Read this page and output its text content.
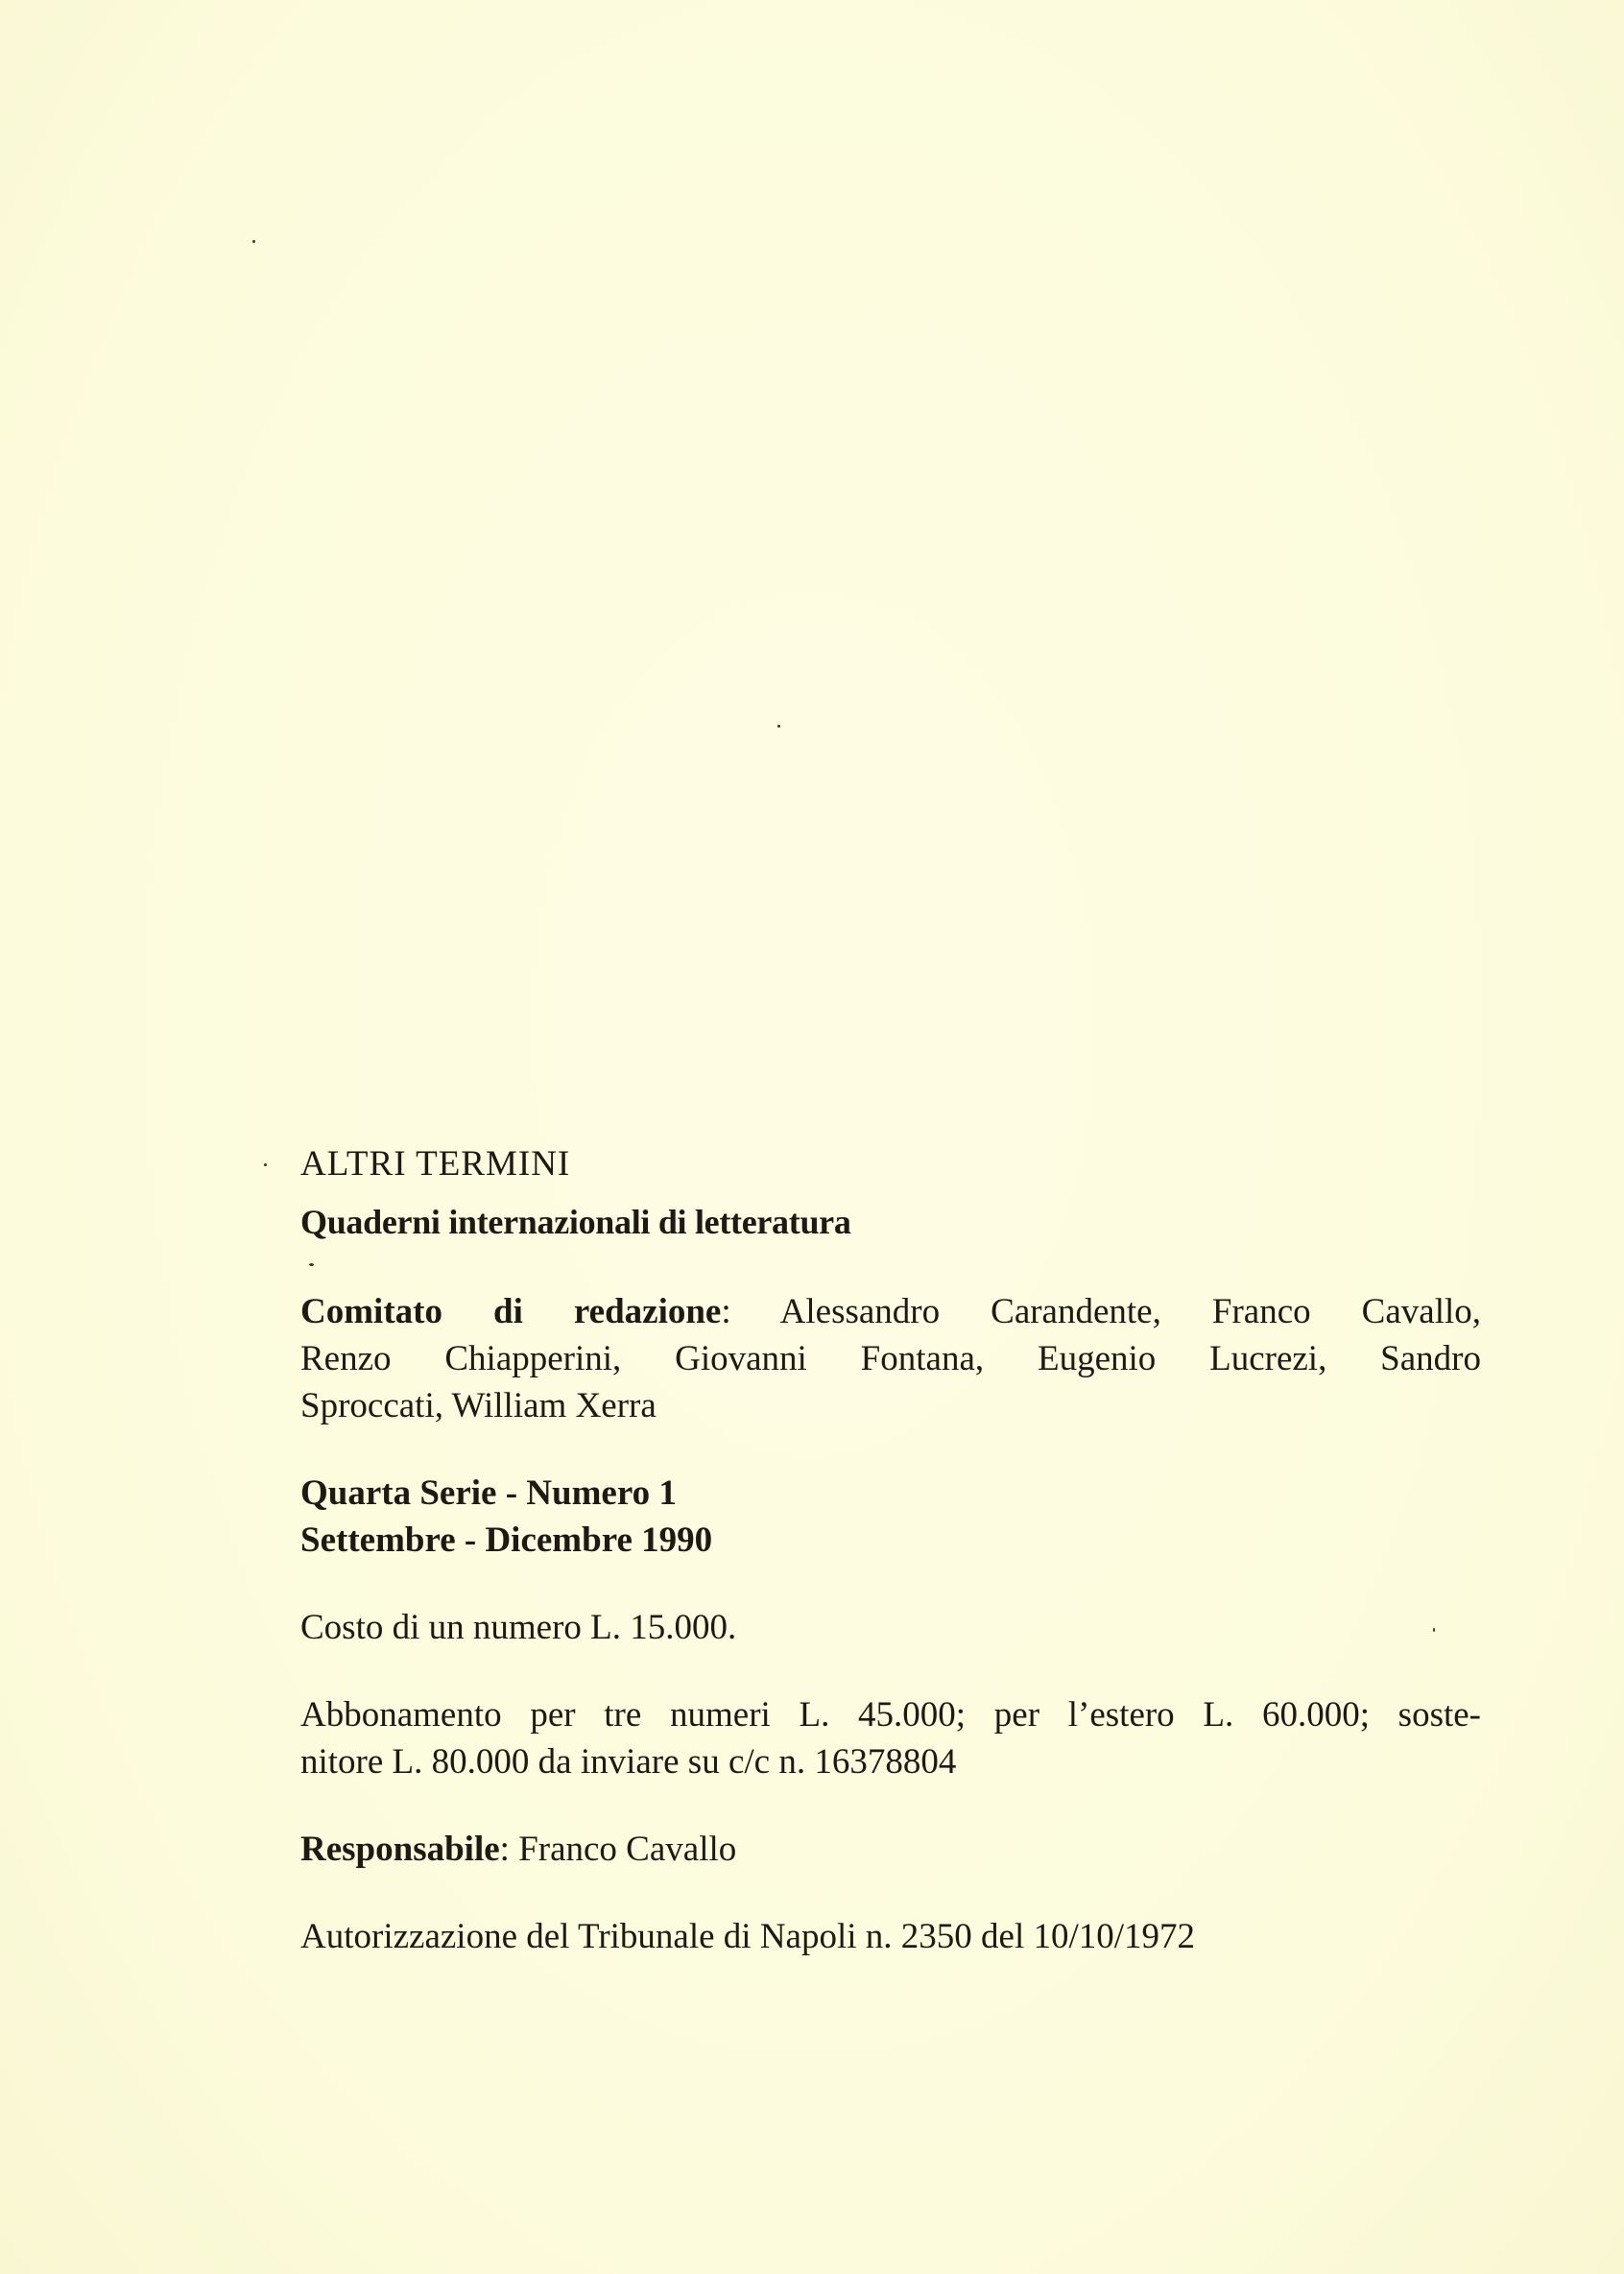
ALTRI TERMINI
Quaderni internazionali di letteratura
Comitato di redazione: Alessandro Carandente, Franco Cavallo,
Renzo Chiapperini, Giovanni Fontana, Eugenio Lucrezi, Sandro
Sproccati, William Xerra
Quarta Serie - Numero 1
Settembre - Dicembre 1990
Costo di un numero L. 15.000.
Abbonamento per tre numeri L. 45.000; per l’estero L. 60.000; soste-
nitore L. 80.000 da inviare su c/c n. 16378804
Responsabile: Franco Cavallo
Autorizzazione del Tribunale di Napoli n. 2350 del 10/10/1972
